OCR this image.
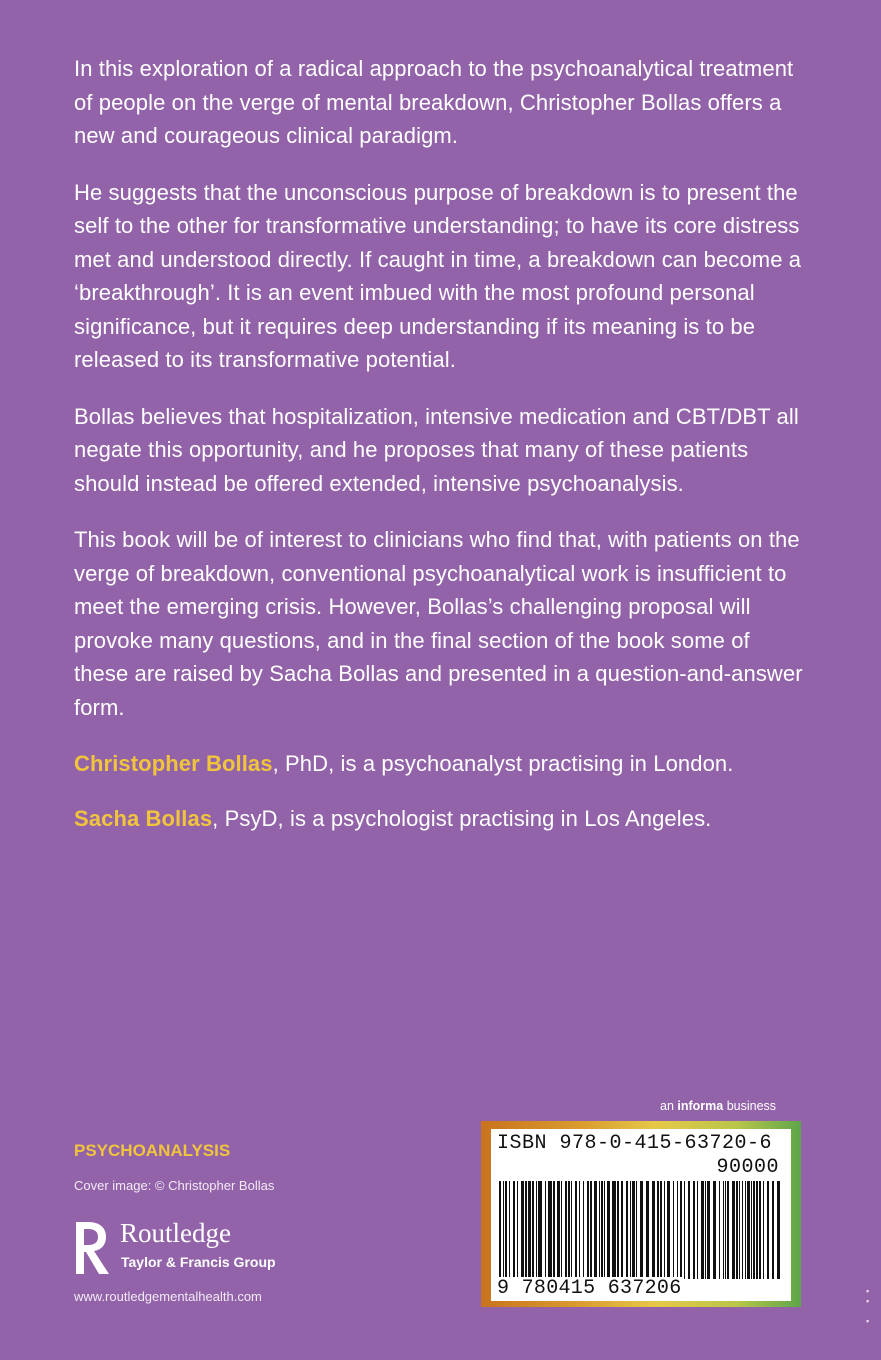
In this exploration of a radical approach to the psychoanalytical treatment of people on the verge of mental breakdown, Christopher Bollas offers a new and courageous clinical paradigm.

He suggests that the unconscious purpose of breakdown is to present the self to the other for transformative understanding; to have its core distress met and understood directly. If caught in time, a breakdown can become a ‘breakthrough’. It is an event imbued with the most profound personal significance, but it requires deep understanding if its meaning is to be released to its transformative potential.

Bollas believes that hospitalization, intensive medication and CBT/DBT all negate this opportunity, and he proposes that many of these patients should instead be offered extended, intensive psychoanalysis.

This book will be of interest to clinicians who find that, with patients on the verge of breakdown, conventional psychoanalytical work is insufficient to meet the emerging crisis. However, Bollas’s challenging proposal will provoke many questions, and in the final section of the book some of these are raised by Sacha Bollas and presented in a question-and-answer form.

Christopher Bollas, PhD, is a psychoanalyst practising in London.

Sacha Bollas, PsyD, is a psychologist practising in Los Angeles.

an informa business
PSYCHOANALYSIS
Cover image: © Christopher Bollas
ROUTLEDGE
Routledge
Taylor & Francis Group
www.routledgementalhealth.com
ISBN 978-0-415-63720-6
90000
9 780415 637206	▪
▪

▪
